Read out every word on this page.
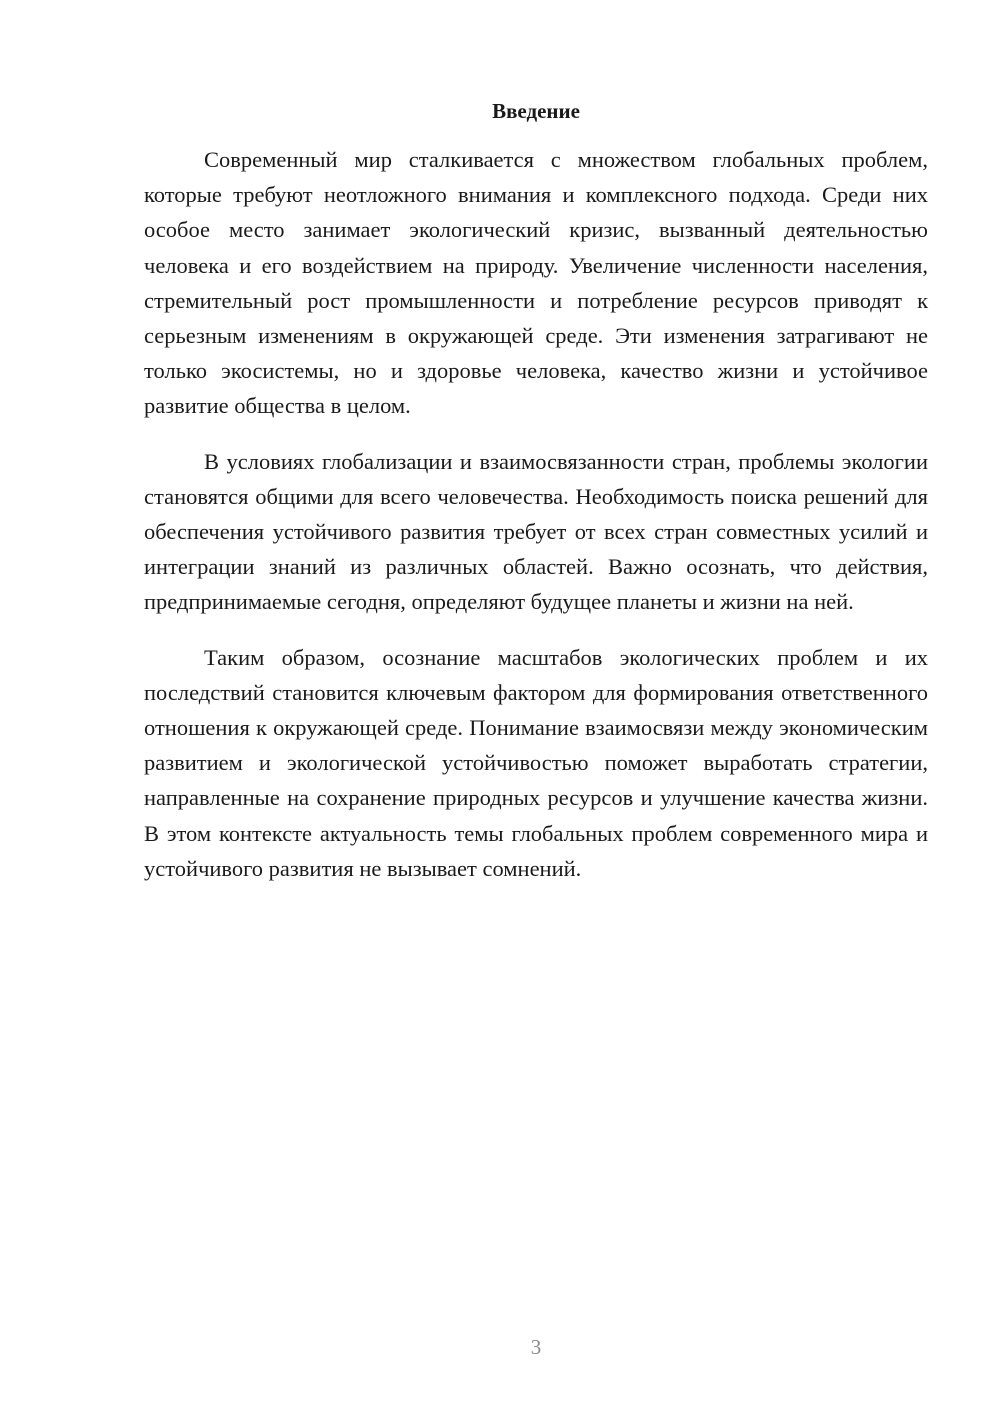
Введение

Современный мир сталкивается с множеством глобальных проблем, которые требуют неотложного внимания и комплексного подхода. Среди них особое место занимает экологический кризис, вызванный деятельностью человека и его воздействием на природу. Увеличение численности населения, стремительный рост промышленности и потребление ресурсов приводят к серьезным изменениям в окружающей среде. Эти изменения затрагивают не только экосистемы, но и здоровье человека, качество жизни и устойчивое развитие общества в целом.

В условиях глобализации и взаимосвязанности стран, проблемы экологии становятся общими для всего человечества. Необходимость поиска решений для обеспечения устойчивого развития требует от всех стран совместных усилий и интеграции знаний из различных областей. Важно осознать, что действия, предпринимаемые сегодня, определяют будущее планеты и жизни на ней.

Таким образом, осознание масштабов экологических проблем и их последствий становится ключевым фактором для формирования ответственного отношения к окружающей среде. Понимание взаимосвязи между экономическим развитием и экологической устойчивостью поможет выработать стратегии, направленные на сохранение природных ресурсов и улучшение качества жизни. В этом контексте актуальность темы глобальных проблем современного мира и устойчивого развития не вызывает сомнений.

3
